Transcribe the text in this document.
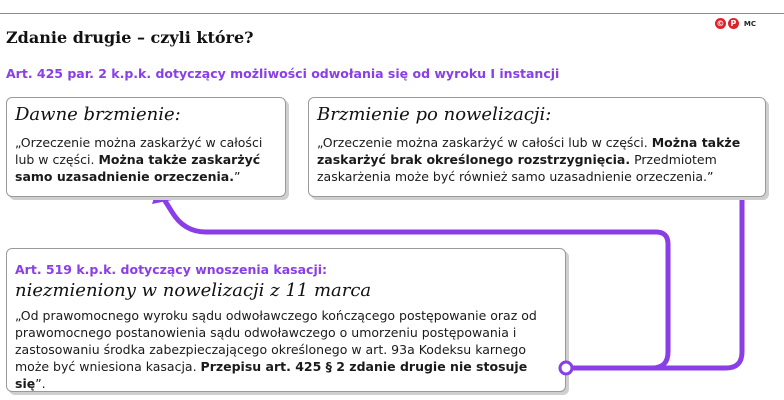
© P	MC
Zdanie drugie – czyli które?
Art. 425 par. 2 k.p.k. dotyczący możliwości odwołania się od wyroku I instancji
Dawne brzmienie:
„Orzeczenie można zaskarżyć w całości lub w części. Można także zaskarżyć samo uzasadnienie orzeczenia.”
Brzmienie po nowelizacji:
„Orzeczenie można zaskarżyć w całości lub w części. Można także zaskarżyć brak określonego rozstrzygnięcia. Przedmiotem zaskarżenia może być również samo uzasadnienie orzeczenia.”
Art. 519 k.p.k. dotyczący wnoszenia kasacji:
niezmieniony w nowelizacji z 11 marca
„Od prawomocnego wyroku sądu odwoławczego kończącego postępowanie oraz od prawomocnego postanowienia sądu odwoławczego o umorzeniu postępowania i zastosowaniu środka zabezpieczającego określonego w art. 93a Kodeksu karnego może być wniesiona kasacja. Przepisu art. 425 § 2 zdanie drugie nie stosuje się”.
